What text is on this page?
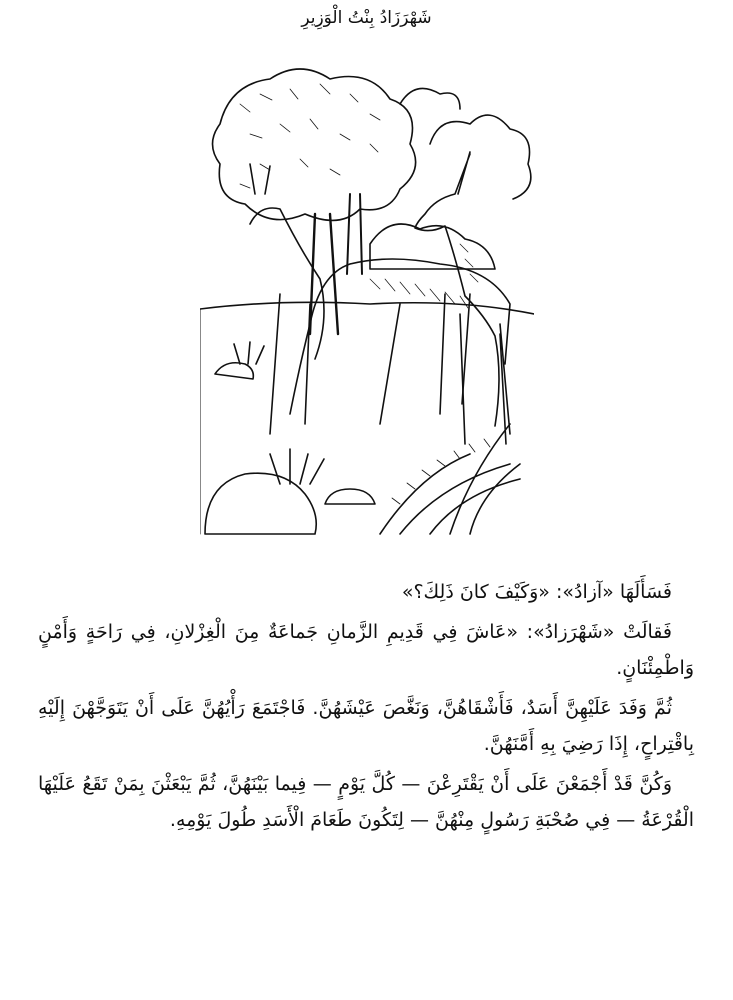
شَهْرَزَادُ بِنْتُ الْوَزِيرِ

فَسَأَلَهَا «آزادُ»: «وَكَيْفَ كانَ ذَلِكَ؟»

فَقالَتْ «شَهْرَزادُ»: «عَاشَ فِي قَدِيمِ الزَّمانِ جَماعَةٌ مِنَ الْغِزْلانِ، فِي رَاحَةٍ وَأَمْنٍ وَاطْمِئْنَانٍ.

ثُمَّ وَفَدَ عَلَيْهِنَّ أَسَدٌ، فَأَشْقَاهُنَّ، وَنَغَّصَ عَيْشَهُنَّ. فَاجْتَمَعَ رَأْيُهُنَّ عَلَى أَنْ يَتَوَجَّهْنَ إِلَيْهِ بِاقْتِراحٍ، إِذَا رَضِيَ بِهِ أَمَّنَهُنَّ.

وَكُنَّ قَدْ أَجْمَعْنَ عَلَى أَنْ يَقْتَرِعْنَ — كُلَّ يَوْمٍ — فِيما بَيْنَهُنَّ، ثُمَّ يَبْعَثْنَ بِمَنْ تَقَعُ عَلَيْهَا الْقُرْعَةُ — فِي صُحْبَةِ رَسُولٍ مِنْهُنَّ — لِتَكُونَ طَعَامَ الْأَسَدِ طُولَ يَوْمِهِ.
